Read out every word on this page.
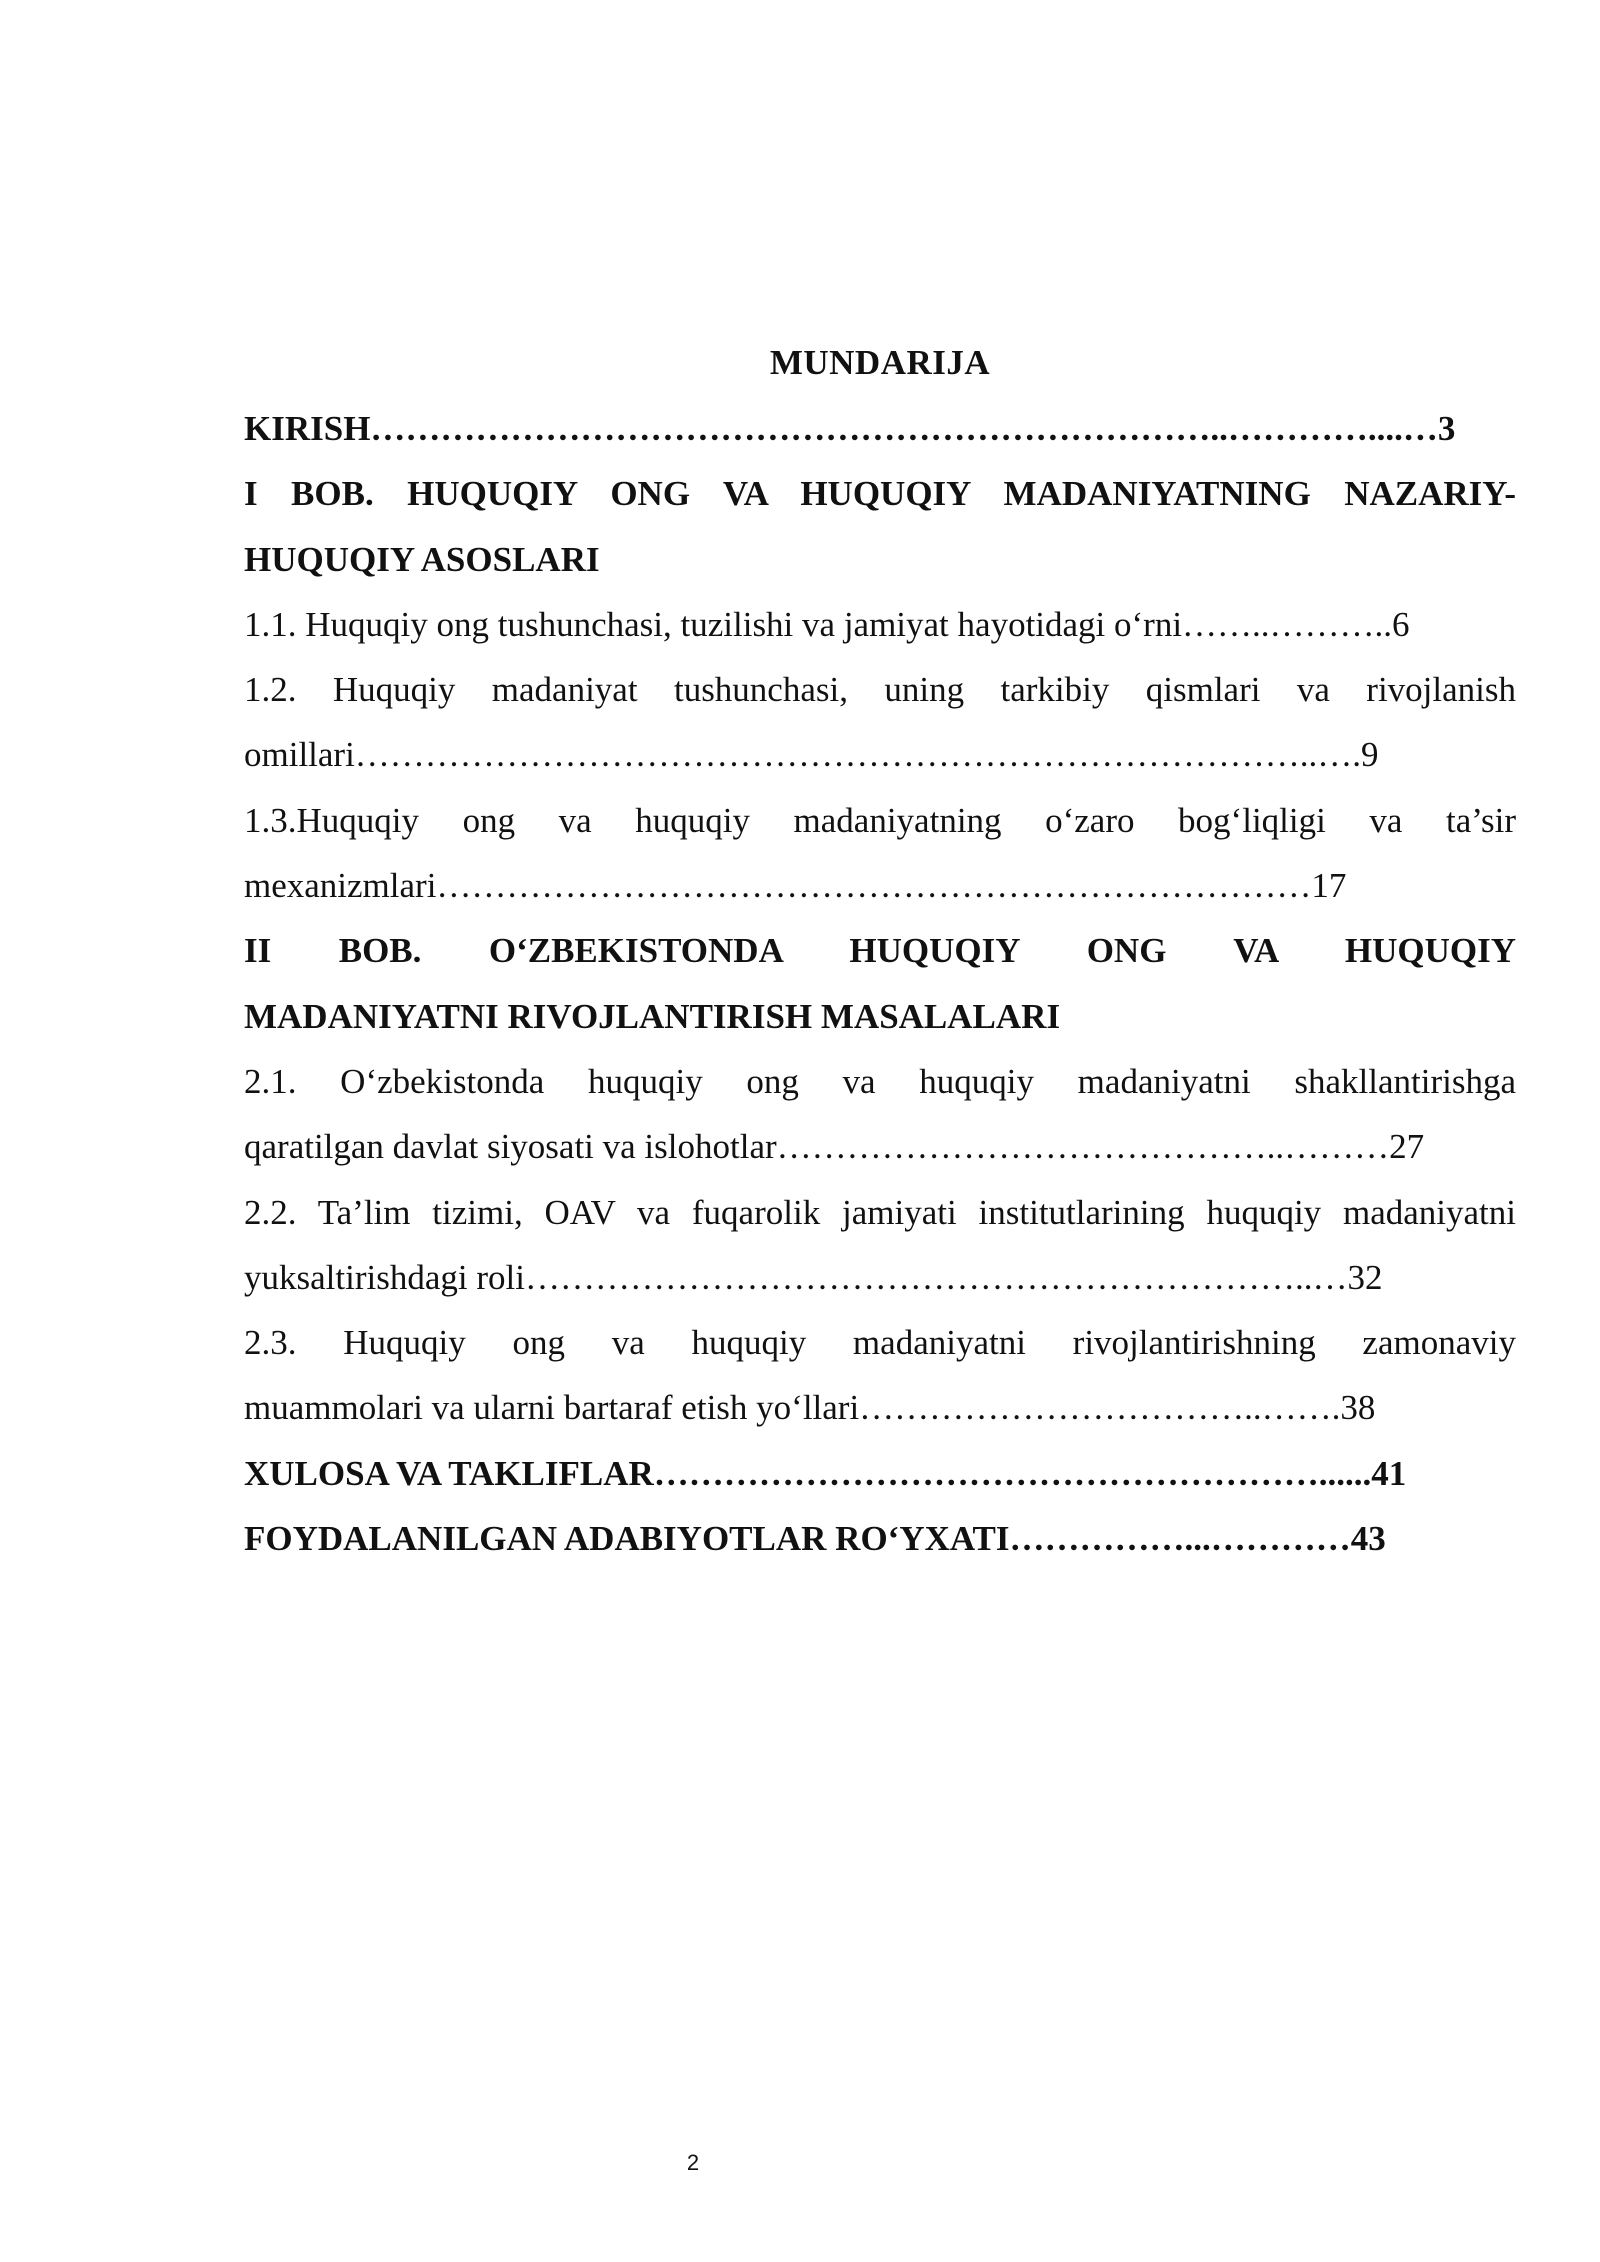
MUNDARIJA

KIRISH………………………………………………………………..…………....…3

I BOB. HUQUQIY ONG VA HUQUQIY MADANIYATNING NAZARIY-

HUQUQIY ASOSLARI

1.1. Huquqiy ong tushunchasi, tuzilishi va jamiyat hayotidagi o‘rni……..………..6

1.2. Huquqiy madaniyat tushunchasi, uning tarkibiy qismlari va rivojlanish

omillari………………………………………………………………………..….9

1.3.Huquqiy ong va huquqiy madaniyatning o‘zaro bog‘liqligi va ta’sir

mexanizmlari…………………………………………………………………17

II BOB. O‘ZBEKISTONDA HUQUQIY ONG VA HUQUQIY

MADANIYATNI RIVOJLANTIRISH MASALALARI

2.1. O‘zbekistonda huquqiy ong va huquqiy madaniyatni shakllantirishga

qaratilgan davlat siyosati va islohotlar……………………………………..………27

2.2. Ta’lim tizimi, OAV va fuqarolik jamiyati institutlarining huquqiy madaniyatni

yuksaltirishdagi roli…………………………………………………………..…32

2.3. Huquqiy ong va huquqiy madaniyatni rivojlantirishning zamonaviy

muammolari va ularni bartaraf etish yo‘llari……………………………..…….38

XULOSA VA TAKLIFLAR…………………………………………………......41

FOYDALANILGAN ADABIYOTLAR RO‘YXATI……………...…………43

2
